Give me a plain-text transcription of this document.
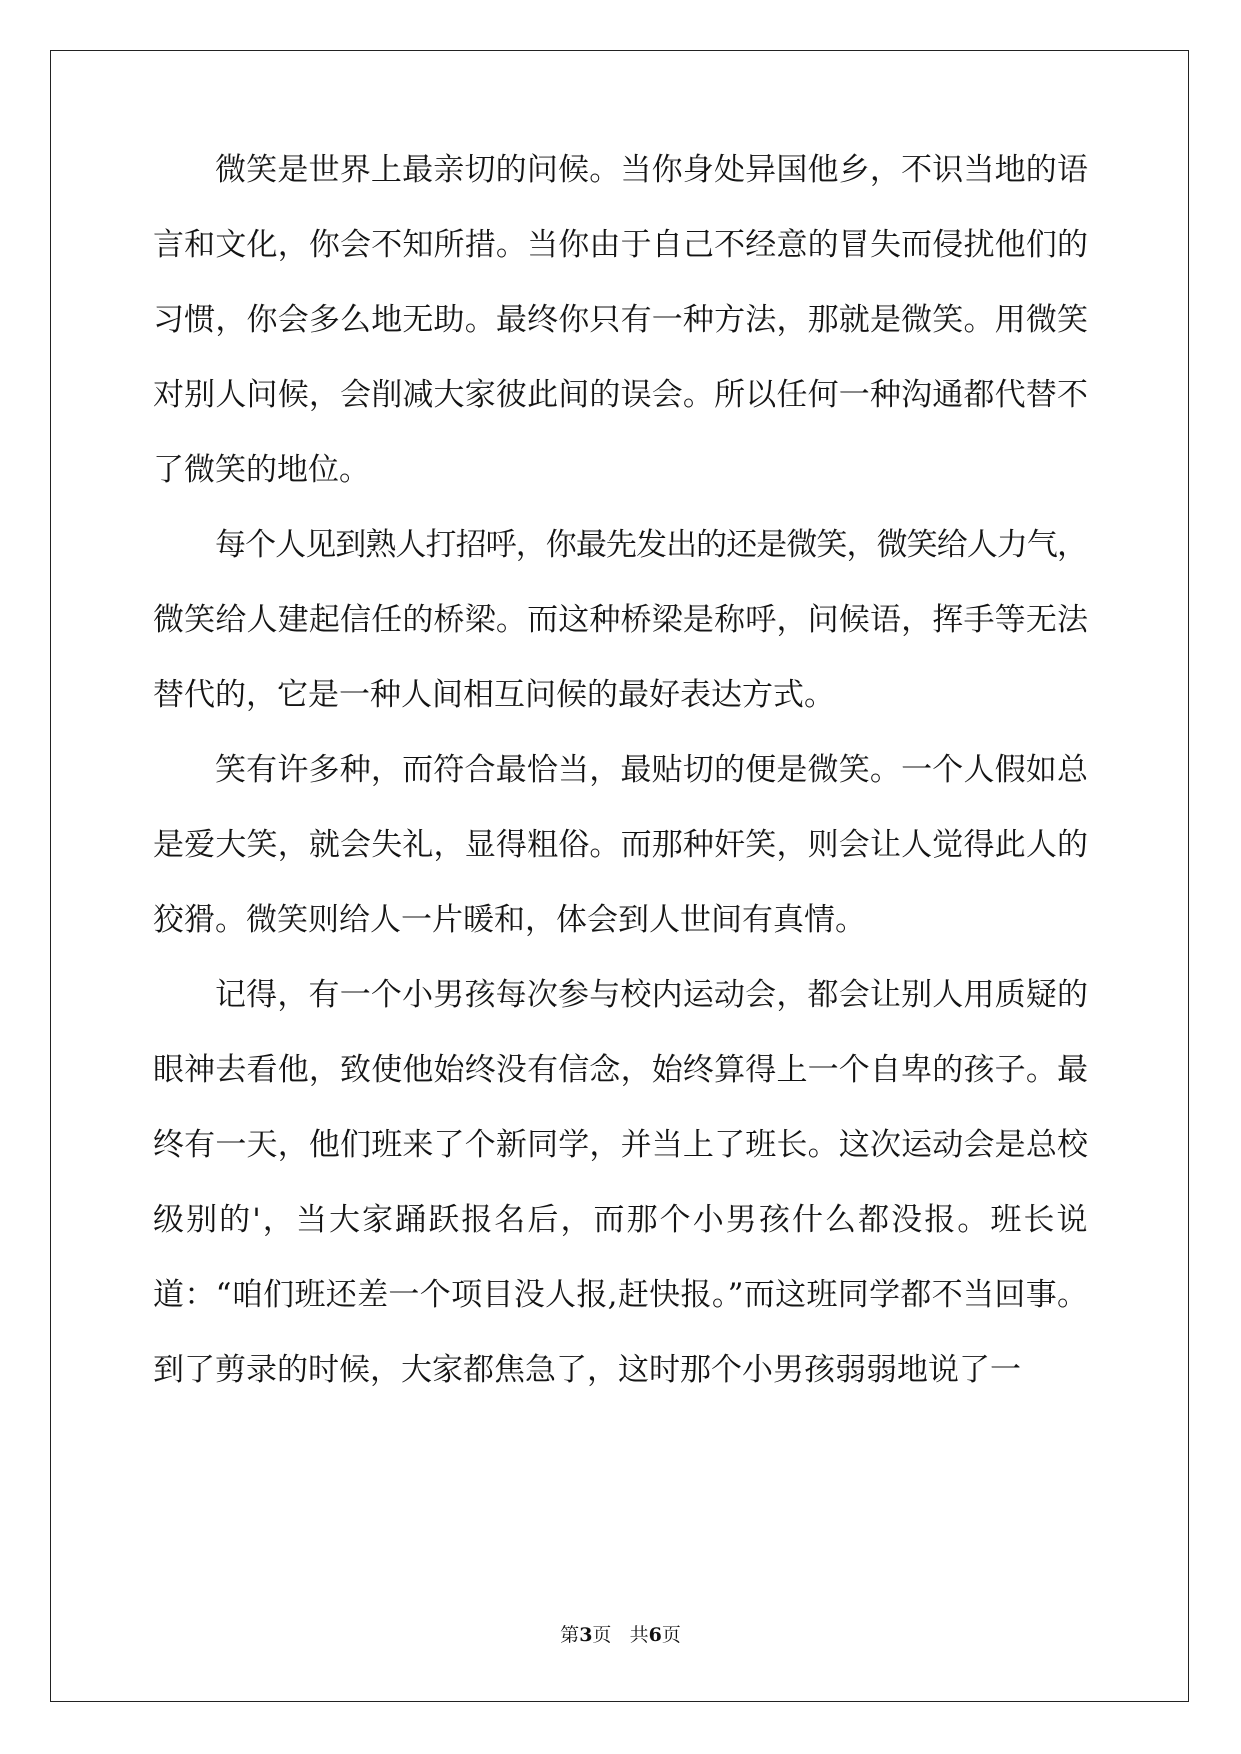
微笑是世界上最亲切的问候。当你身处异国他乡，不识当地的语
言和文化，你会不知所措。当你由于自己不经意的冒失而侵扰他们的
习惯，你会多么地无助。最终你只有一种方法，那就是微笑。用微笑
对别人问候，会削减大家彼此间的误会。所以任何一种沟通都代替不
了微笑的地位。
每个人见到熟人打招呼，你最先发出的还是微笑，微笑给人力气，
微笑给人建起信任的桥梁。而这种桥梁是称呼，问候语，挥手等无法
替代的，它是一种人间相互问候的最好表达方式。
笑有许多种，而符合最恰当，最贴切的便是微笑。一个人假如总
是爱大笑，就会失礼，显得粗俗。而那种奸笑，则会让人觉得此人的
狡猾。微笑则给人一片暖和，体会到人世间有真情。
记得，有一个小男孩每次参与校内运动会，都会让别人用质疑的
眼神去看他，致使他始终没有信念，始终算得上一个自卑的孩子。最
终有一天，他们班来了个新同学，并当上了班长。这次运动会是总校
级别的'，当大家踊跃报名后，而那个小男孩什么都没报。班长说
道：“咱们班还差一个项目没人报,赶快报。”而这班同学都不当回事。
到了剪录的时候，大家都焦急了，这时那个小男孩弱弱地说了一
第3页 共6页
